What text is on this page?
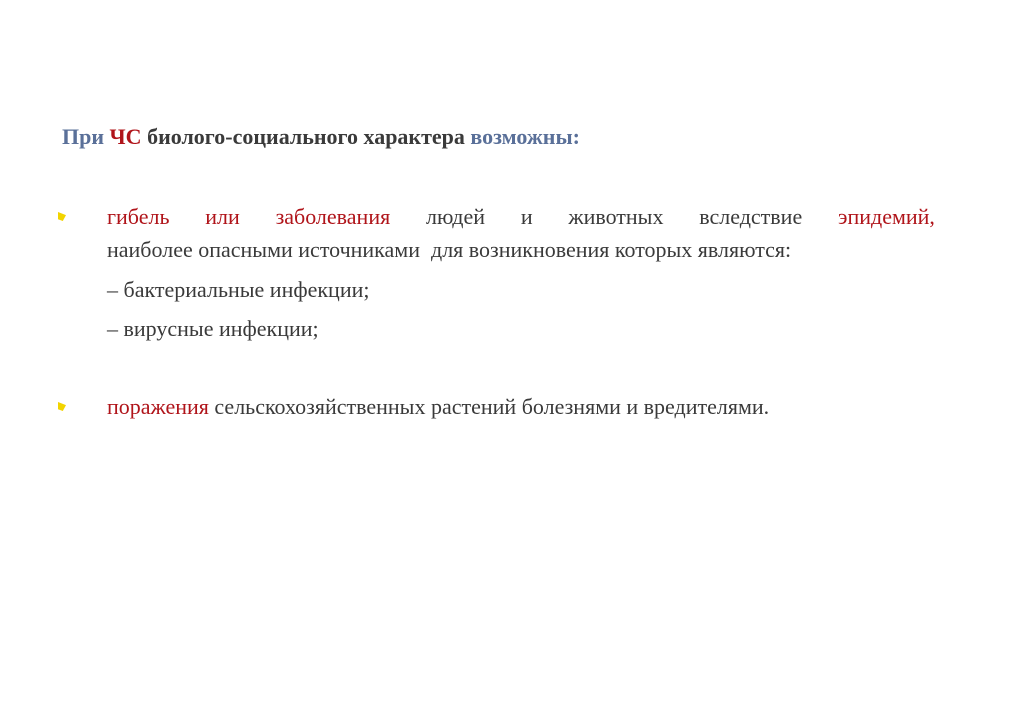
При ЧС биолого-социального характера возможны:
гибель или заболевания людей и животных вследствие эпидемий,
наиболее опасными источниками  для возникновения которых являются:
– бактериальные инфекции;
– вирусные инфекции;
поражения сельскохозяйственных растений болезнями и вредителями.
